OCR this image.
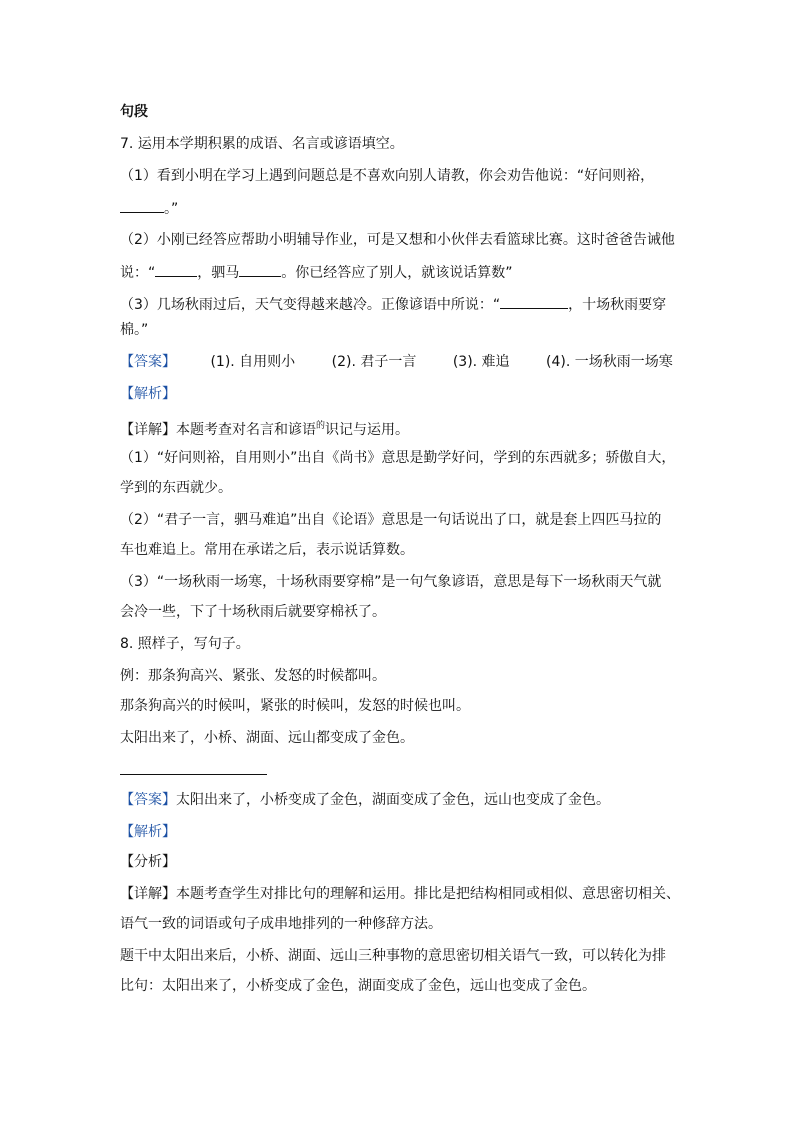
句段
7. 运用本学期积累的成语、名言或谚语填空。
（1）看到小明在学习上遇到问题总是不喜欢向别人请教，你会劝告他说：“好问则裕，
。”
（2）小刚已经答应帮助小明辅导作业，可是又想和小伙伴去看篮球比赛。这时爸爸告诫他
说：“	，驷马	。你已经答应了别人，就该说话算数”
（3）几场秋雨过后，天气变得越来越冷。正像谚语中所说：“	，十场秋雨要穿
棉。”
【答案】 (1). 自用则小	(2). 君子一言	(3). 难追	(4). 一场秋雨一场寒
【解析】
【详解】本题考查对名言和谚语$^的$识记与运用。
（1）“好问则裕，自用则小”出自《尚书》意思是勤学好问，学到的东西就多；骄傲自大，
学到的东西就少。
（2）“君子一言，驷马难追”出自《论语》意思是一句话说出了口，就是套上四匹马拉的
车也难追上。常用在承诺之后，表示说话算数。
（3）“一场秋雨一场寒，十场秋雨要穿棉”是一句气象谚语，意思是每下一场秋雨天气就
会冷一些，下了十场秋雨后就要穿棉袄了。
8. 照样子，写句子。
例：那条狗高兴、紧张、发怒的时候都叫。
那条狗高兴的时候叫，紧张的时候叫，发怒的时候也叫。
太阳出来了，小桥、湖面、远山都变成了金色。
【答案】太阳出来了，小桥变成了金色，湖面变成了金色，远山也变成了金色。
【解析】
【分析】
【详解】本题考查学生对排比句的理解和运用。排比是把结构相同或相似、意思密切相关、
语气一致的词语或句子成串地排列的一种修辞方法。
题干中太阳出来后，小桥、湖面、远山三种事物的意思密切相关语气一致，可以转化为排
比句：太阳出来了，小桥变成了金色，湖面变成了金色，远山也变成了金色。
